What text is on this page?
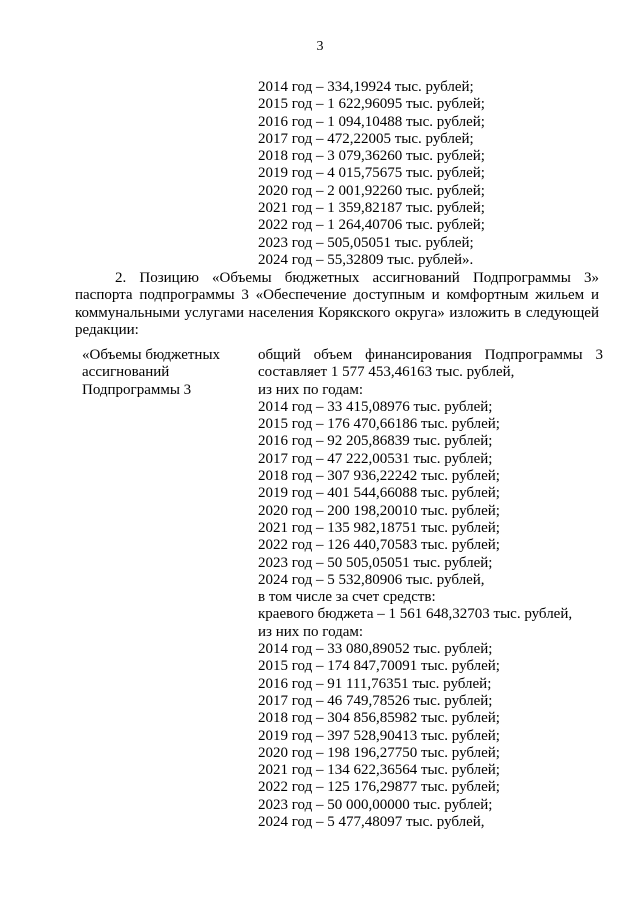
3
2014 год – 334,19924 тыс. рублей;
2015 год – 1 622,96095 тыс. рублей;
2016 год – 1 094,10488 тыс. рублей;
2017 год – 472,22005 тыс. рублей;
2018 год – 3 079,36260 тыс. рублей;
2019 год – 4 015,75675 тыс. рублей;
2020 год – 2 001,92260 тыс. рублей;
2021 год – 1 359,82187 тыс. рублей;
2022 год – 1 264,40706 тыс. рублей;
2023 год – 505,05051 тыс. рублей;
2024 год – 55,32809 тыс. рублей».
2. Позицию «Объемы бюджетных ассигнований Подпрограммы 3» паспорта подпрограммы 3 «Обеспечение доступным и комфортным жильем и коммунальными услугами населения Корякского округа» изложить в следующей редакции:
«Объемы бюджетных
ассигнований
Подпрограммы 3
общий объем финансирования Подпрограммы 3
составляет 1 577 453,46163 тыс. рублей,
из них по годам:
2014 год – 33 415,08976 тыс. рублей;
2015 год – 176 470,66186 тыс. рублей;
2016 год – 92 205,86839 тыс. рублей;
2017 год – 47 222,00531 тыс. рублей;
2018 год – 307 936,22242 тыс. рублей;
2019 год – 401 544,66088 тыс. рублей;
2020 год – 200 198,20010 тыс. рублей;
2021 год – 135 982,18751 тыс. рублей;
2022 год – 126 440,70583 тыс. рублей;
2023 год – 50 505,05051 тыс. рублей;
2024 год – 5 532,80906 тыс. рублей,
в том числе за счет средств:
краевого бюджета – 1 561 648,32703 тыс. рублей,
из них по годам:
2014 год – 33 080,89052 тыс. рублей;
2015 год – 174 847,70091 тыс. рублей;
2016 год – 91 111,76351 тыс. рублей;
2017 год – 46 749,78526 тыс. рублей;
2018 год – 304 856,85982 тыс. рублей;
2019 год – 397 528,90413 тыс. рублей;
2020 год – 198 196,27750 тыс. рублей;
2021 год – 134 622,36564 тыс. рублей;
2022 год – 125 176,29877 тыс. рублей;
2023 год – 50 000,00000 тыс. рублей;
2024 год – 5 477,48097 тыс. рублей,
